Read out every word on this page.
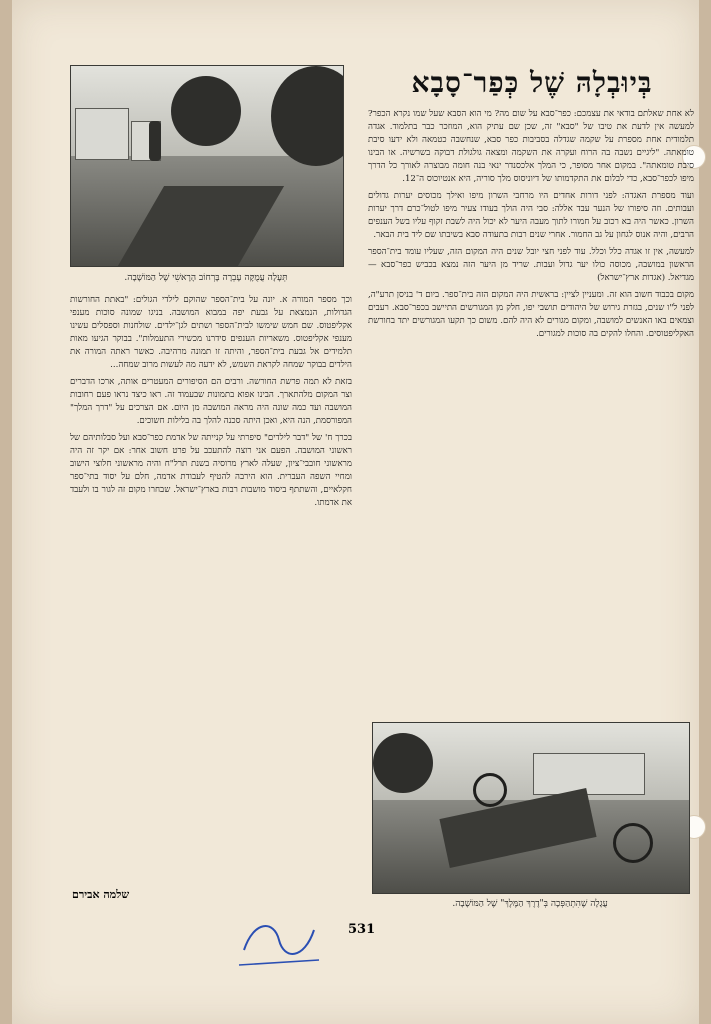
בְּיוּבְלָהּ שֶׁל כְּפַר־סָבָא
תְּעָלָה עֲמֻקָּה עָבְרָה בָּרְחוֹב הָרָאשִׁי שֶׁל הַמּוֹשָׁבָה.

לא אחת שאלתם בודאי את עצמכם: כפר־סבא על שום מה? מי הוא הסבא שעל שמו נקרא הכפר? למעשה אין לדעת את טיבו של "סבא" זה, שכן שם עתיק הוא, המוזכר כבר בתלמוד. אגדה תלמודית אחת מספרת על שקמה שגדלה בסביבות כפר סבא, שנחשבה כטמאה ולא ידעו סיבת טומאתה. "ליגיים נשבה בה הרוח ועקרה את השקמה ומצאה גולגולת דבוקה בשרשיה. או הבינו סיבת טומאתה". במקום אחר מסופר, כי המלך אלכסנדר ינאי בנה חומה מבוצרה לאורך כל הדרך מיפו לכפר־סבא, כדי לבלום את התקדמותו של דיוניסוס מלך סוריה, היא אנטיוכוס ה־12.

ועוד מספרת האגדה: לפני דורות אחדים היו מרחבי השרון מיפו ואילך מכוסים יערות גדולים ועבותים. וזה סיפורו של הנער עבד אללה: סבי היה הולך בעודו צעיר מיפו לטול־כרם דרך יערות השרון. כאשר היה בא רכוב על חמורו לתוך מעבה היער לא יכול היה לשבת זקוף עליו בשל הענפים הרבים, והיה אנוס לגחון על גב החמור. אחרי שנים רבות בתעודה סבא בשיבתו שם ליד בית הבאר.

למעשה, אין זו אגדה כלל וכלל. עוד לפני חצי יובל שנים היה המקום הזה, שעליו עומד בית־הספר הראשון במושבה, מכוסה כולו יער גדול ועבות. שריד מן היער הזה נמצא בכביש כפר־סבא — מגדיאל. (אגדות ארץ־ישראל)

מקום בכבוד חשוב הוא זה. ומעניין לציין: בראשית היה המקום הזה בית־ספר. ביום ד' בניסן תרע"ה, לפני ל"ו שנים, בגזרת גירוש של היהודים תושבי יפו, חלק מן המגורשים התיישב בכפר־סבא. רעבים וצמאים באו האנשים למושבה, ומקום מגורים לא היה להם. משום כך תקעו המגורשים יתד בחורשת האקליפטוסים. והחלו להקים בה סוכות למגורים.

וכך מספר המורה א. יונה על בית־הספר שהוקם לילדי הגולים: "באתת החורשות הגדולות, הנמצאת על גבעת יפה במבוא המושבה. בניגו שמונה סוכות מענפי אקליפטוס. שם חמש שימשו לבית־הספר ושתים לגן־ילדים. שולחנות וספסלים עשינו מענפי אקליפטוס. משאריות הענפים סידרנו מכשירי התעמלות". בבוקר הגיעו מאות תלמידים אל גבעת בית־הספר, והיתה זו תמונה מרהיבה. כאשר ראתה המורה את הילדים בבוקר שמחה לקראת השמש, לא ידעה מה לעשות מרוב שמחה...

בזאת לא תמה פרשת החורשה. ורבים הם הסיפורים המעטרים אותה, ארכו הדברים וצר המקום מלהתארך. הבינו אפוא בתמונות שבעמוד זה. ראו כיצד נראו פעם רחובות המושבה ועד כמה שונה היה מראה המושבה מן היום. אם הצרכים על "דרך המלך" המפורסמת, הנה היא, ואכן היתה סכנה להלך בה בלילות חשוכים.

בכרך ח' של "דבר לילדים" סיפרתי על קנייתה של אדמת כפר־סבא ועל סבלותיהם של ראשוני המושבה. הפעם אני רוצה להתעכב על פרט חשוב אחר: אם יקר זה היה מראשוני חובבי־ציון, שעלה לארץ מרוסיה בשנת תרל"ח והיה מראשוני חלוצי הישוב ומחיי השפה העברית. הוא הירבה להטיף לעבודת אדמה, חלם על יסוד בתי־ספר חקלאיים, והשתתף ביסוד מושבות רבות בארץ־ישראל. שבחרו מקום זה לגור בו ולעבד את אדמתו.

עֲגָלָה שֶׁהִתְהַפְּכָה בְּ"דֶרֶךְ הַמֶּלֶךְ" שֶׁל הַמּוֹשָׁבָה.
שלמה אבירם
531
